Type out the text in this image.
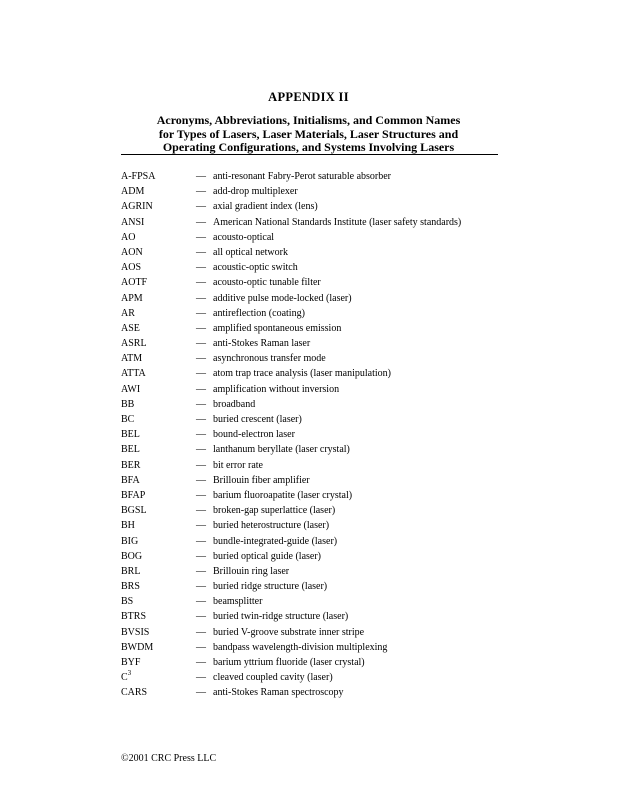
APPENDIX II
Acronyms, Abbreviations, Initialisms, and Common Names
for Types of Lasers, Laser Materials, Laser Structures and
Operating Configurations, and Systems Involving Lasers
A-FPSA	— anti-resonant Fabry-Perot saturable absorber
ADM	— add-drop multiplexer
AGRIN	— axial gradient index (lens)
ANSI	— American National Standards Institute (laser safety standards)
AO	— acousto-optical
AON	— all optical network
AOS	— acoustic-optic switch
AOTF	— acousto-optic tunable filter
APM	— additive pulse mode-locked (laser)
AR	— antireflection (coating)
ASE	— amplified spontaneous emission
ASRL	— anti-Stokes Raman laser
ATM	— asynchronous transfer mode
ATTA	— atom trap trace analysis (laser manipulation)
AWI	— amplification without inversion
BB	— broadband
BC	— buried crescent (laser)
BEL	— bound-electron laser
BEL	— lanthanum beryllate (laser crystal)
BER	— bit error rate
BFA	— Brillouin fiber amplifier
BFAP	— barium fluoroapatite (laser crystal)
BGSL	— broken-gap superlattice (laser)
BH	— buried heterostructure (laser)
BIG	— bundle-integrated-guide (laser)
BOG	— buried optical guide (laser)
BRL	— Brillouin ring laser
BRS	— buried ridge structure (laser)
BS	— beamsplitter
BTRS	— buried twin-ridge structure (laser)
BVSIS	— buried V-groove substrate inner stripe
BWDM	— bandpass wavelength-division multiplexing
BYF	— barium yttrium fluoride (laser crystal)
$C^3$	— cleaved coupled cavity (laser)
CARS	— anti-Stokes Raman spectroscopy
©2001 CRC Press LLC
